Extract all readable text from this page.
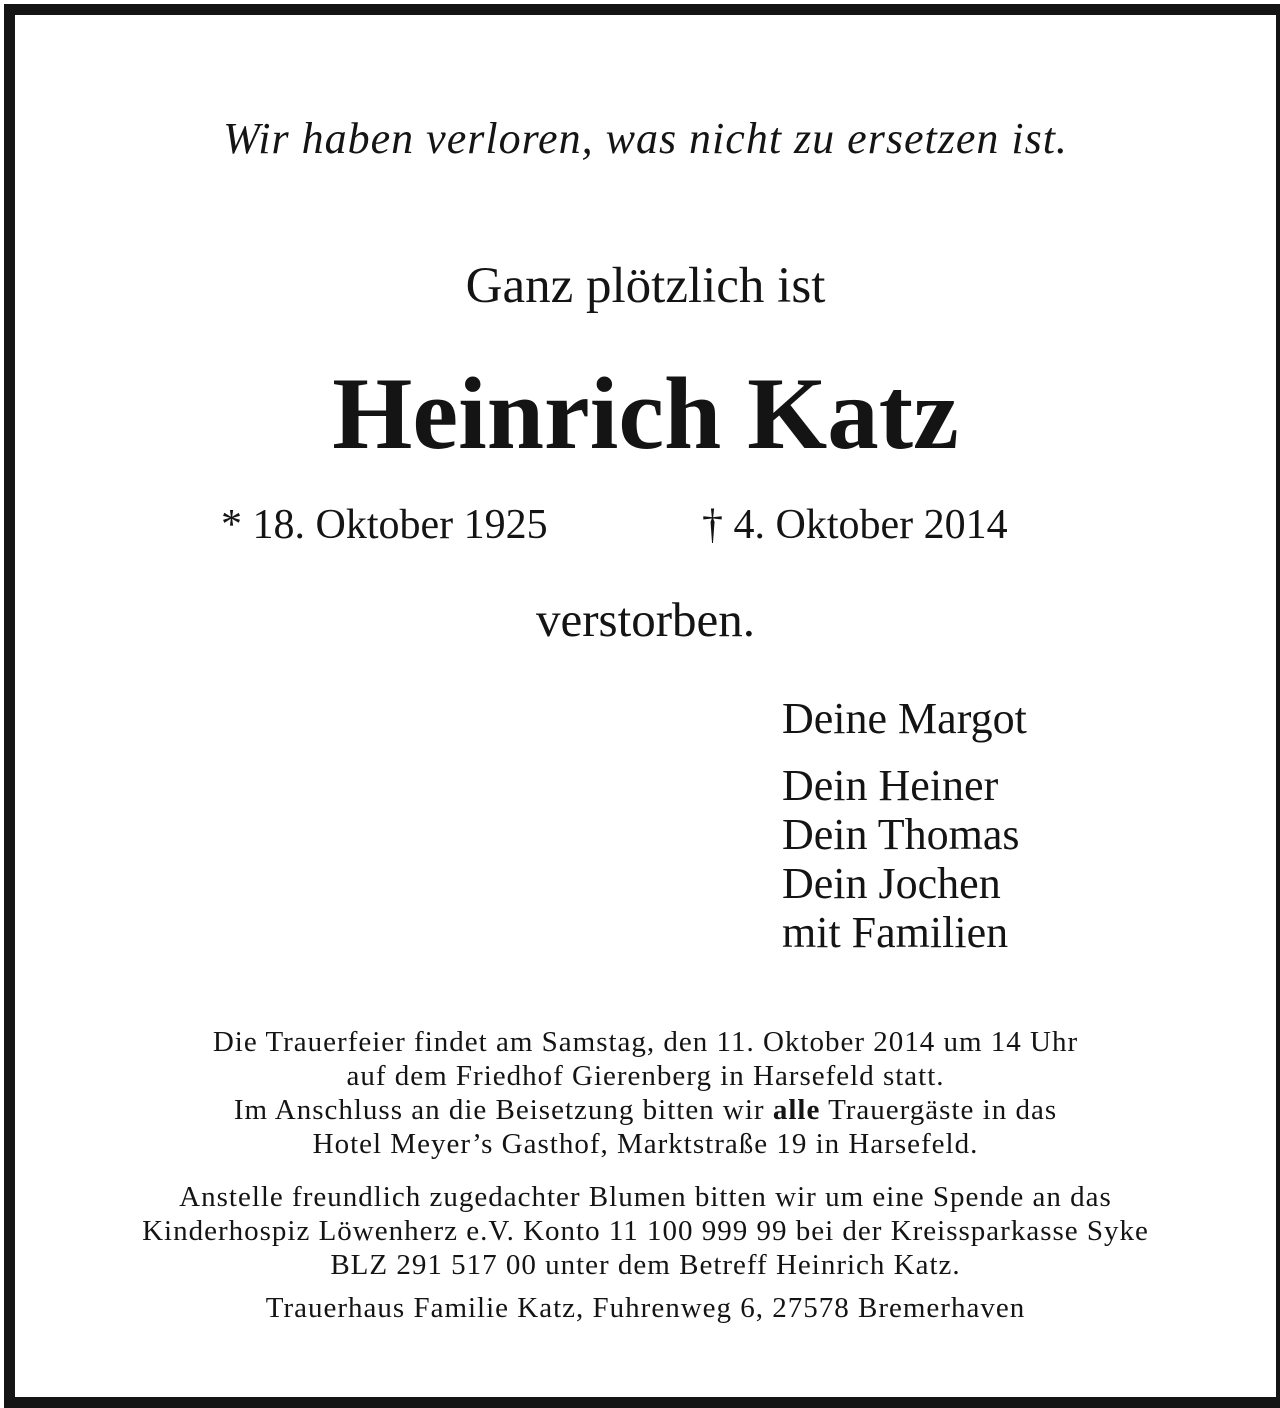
Wir haben verloren, was nicht zu ersetzen ist.
Ganz plötzlich ist
Heinrich Katz
* 18. Oktober 1925	† 4. Oktober 2014
verstorben.
Deine Margot
Dein Heiner
Dein Thomas
Dein Jochen
mit Familien
Die Trauerfeier findet am Samstag, den 11. Oktober 2014 um 14 Uhr
auf dem Friedhof Gierenberg in Harsefeld statt.
Im Anschluss an die Beisetzung bitten wir alle Trauergäste in das
Hotel Meyer’s Gasthof, Marktstraße 19 in Harsefeld.
Anstelle freundlich zugedachter Blumen bitten wir um eine Spende an das
Kinderhospiz Löwenherz e.V. Konto 11 100 999 99 bei der Kreissparkasse Syke
BLZ 291 517 00 unter dem Betreff Heinrich Katz.
Trauerhaus Familie Katz, Fuhrenweg 6, 27578 Bremerhaven
